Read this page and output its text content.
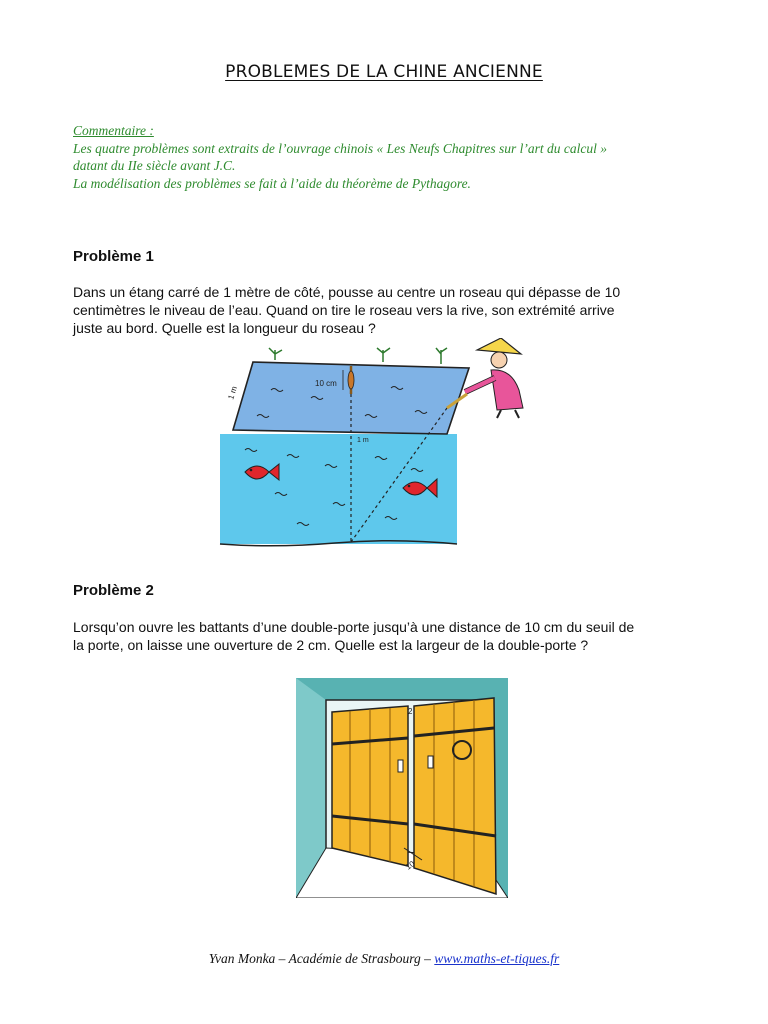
PROBLEMES DE LA CHINE ANCIENNE
Commentaire :
Les quatre problèmes sont extraits de l’ouvrage chinois « Les Neufs Chapitres sur l’art du calcul »
datant du IIe siècle avant J.C.
La modélisation des problèmes se fait à l’aide du théorème de Pythagore.
Problème 1
Dans un étang carré de 1 mètre de côté, pousse au centre un roseau qui dépasse de 10
centimètres le niveau de l’eau. Quand on tire le roseau vers la rive, son extrémité arrive
juste au bord. Quelle est la longueur du roseau ?
1 m
10 cm
1 m
Problème 2
Lorsqu’on ouvre les battants d’une double-porte jusqu’à une distance de 10 cm du seuil de
la porte, on laisse une ouverture de 2 cm. Quelle est la largeur de la double-porte ?
2
10
Yvan Monka – Académie de Strasbourg – www.maths-et-tiques.fr
